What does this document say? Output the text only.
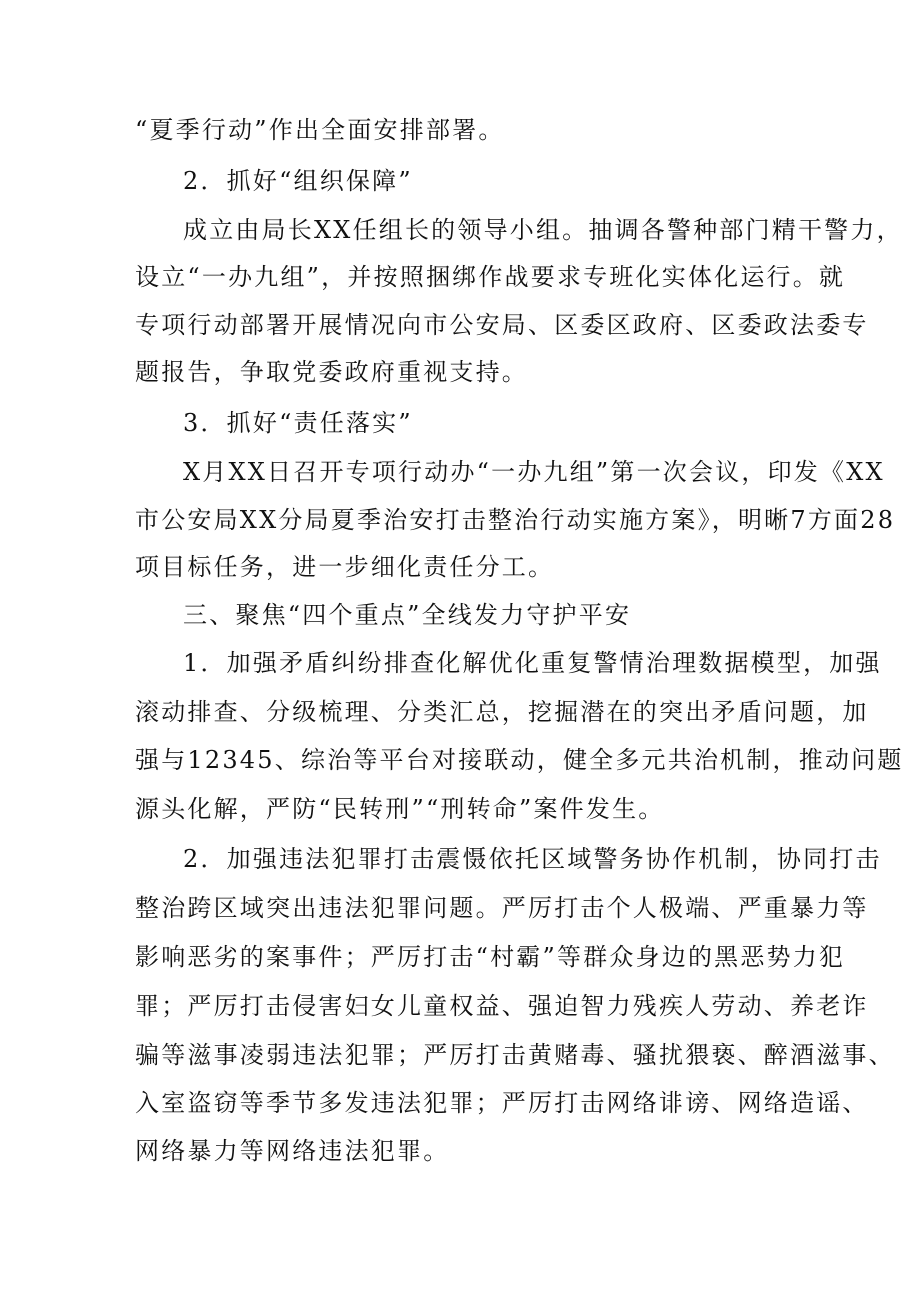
“夏季行动”作出全面安排部署。
2．抓好“组织保障”
成立由局长XX任组长的领导小组。抽调各警种部门精干警力，
设立“一办九组”，并按照捆绑作战要求专班化实体化运行。就
专项行动部署开展情况向市公安局、区委区政府、区委政法委专
题报告，争取党委政府重视支持。
3．抓好“责任落实”
X月XX日召开专项行动办“一办九组”第一次会议，印发《XX
市公安局XX分局夏季治安打击整治行动实施方案》，明晰7方面28
项目标任务，进一步细化责任分工。
三、聚焦“四个重点”全线发力守护平安
1．加强矛盾纠纷排查化解优化重复警情治理数据模型，加强
滚动排查、分级梳理、分类汇总，挖掘潜在的突出矛盾问题，加
强与12345、综治等平台对接联动，健全多元共治机制，推动问题
源头化解，严防“民转刑”“刑转命”案件发生。
2．加强违法犯罪打击震慑依托区域警务协作机制，协同打击
整治跨区域突出违法犯罪问题。严厉打击个人极端、严重暴力等
影响恶劣的案事件；严厉打击“村霸”等群众身边的黑恶势力犯
罪；严厉打击侵害妇女儿童权益、强迫智力残疾人劳动、养老诈
骗等滋事凌弱违法犯罪；严厉打击黄赌毒、骚扰猥亵、醉酒滋事、
入室盗窃等季节多发违法犯罪；严厉打击网络诽谤、网络造谣、
网络暴力等网络违法犯罪。
